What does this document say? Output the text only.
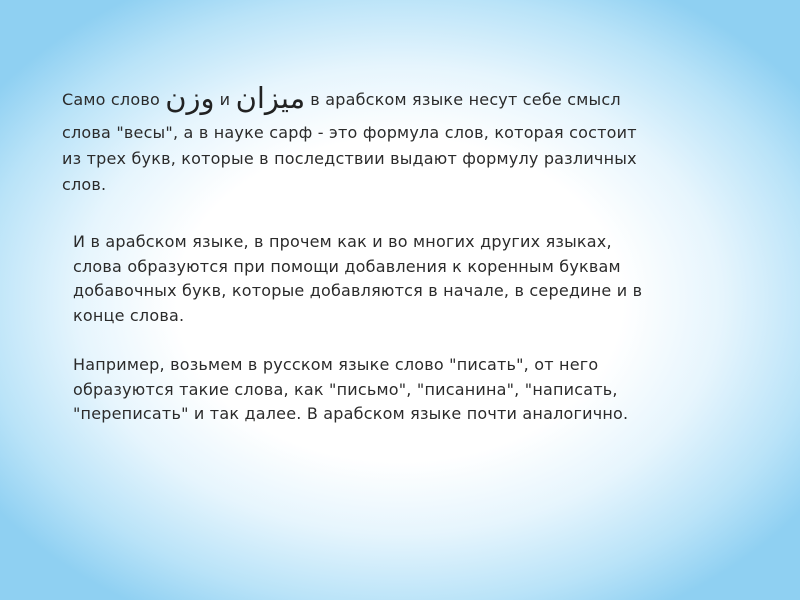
Само слово وزن и ميزان в арабском языке несут себе смысл
слова "весы", а в науке сарф - это формула слов, которая состоит
из трех букв, которые в последствии выдают формулу различных
слов.
И в арабском языке, в прочем как и во многих других языках,
слова образуются при помощи добавления к коренным буквам
добавочных букв, которые добавляются в начале, в середине и в
конце слова.
Например, возьмем в русском языке слово "писать", от него
образуются такие слова, как "письмо", "писанина", "написать,
"переписать" и так далее. В арабском языке почти аналогично.
